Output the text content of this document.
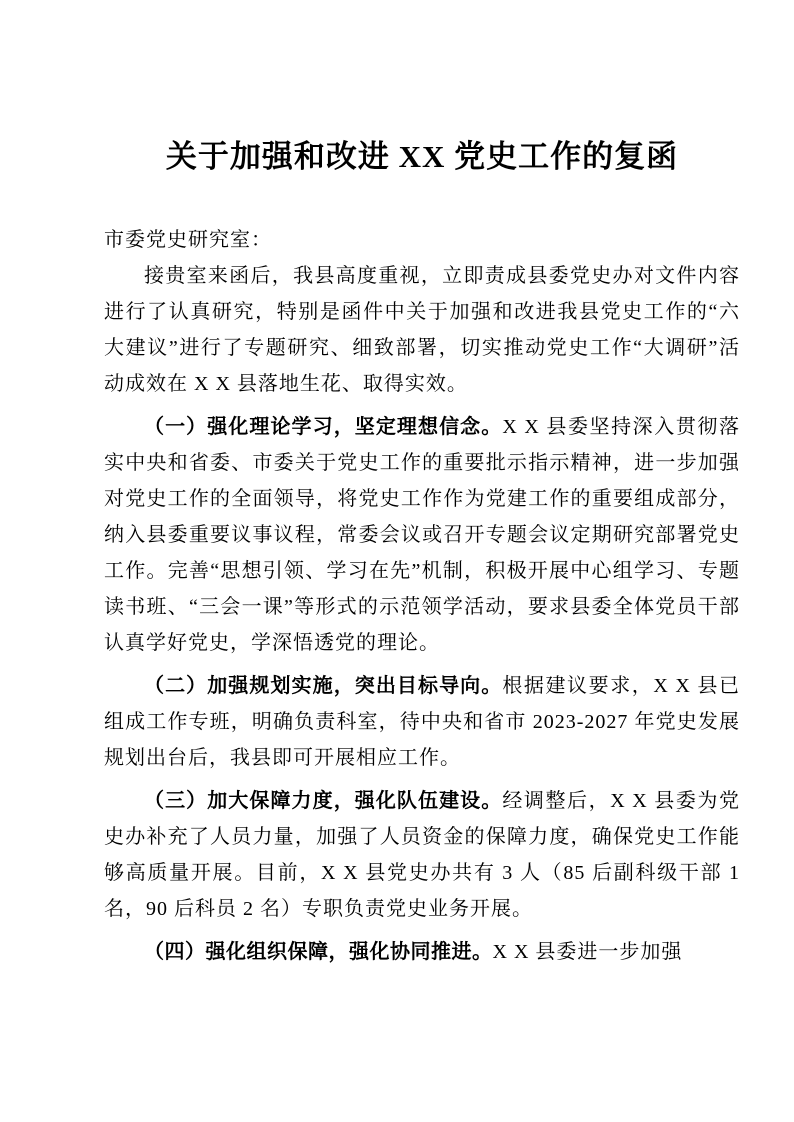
关于加强和改进 XX 党史工作的复函

市委党史研究室：

接贵室来函后，我县高度重视，立即责成县委党史办对文件内容进行了认真研究，特别是函件中关于加强和改进我县党史工作的“六大建议”进行了专题研究、细致部署，切实推动党史工作“大调研”活动成效在 X X 县落地生花、取得实效。

（一）强化理论学习，坚定理想信念。X X 县委坚持深入贯彻落实中央和省委、市委关于党史工作的重要批示指示精神，进一步加强对党史工作的全面领导，将党史工作作为党建工作的重要组成部分，纳入县委重要议事议程，常委会议或召开专题会议定期研究部署党史工作。完善“思想引领、学习在先”机制，积极开展中心组学习、专题读书班、“三会一课”等形式的示范领学活动，要求县委全体党员干部认真学好党史，学深悟透党的理论。

（二）加强规划实施，突出目标导向。根据建议要求，X X 县已组成工作专班，明确负责科室，待中央和省市 2023-2027 年党史发展规划出台后，我县即可开展相应工作。

（三）加大保障力度，强化队伍建设。经调整后，X X 县委为党史办补充了人员力量，加强了人员资金的保障力度，确保党史工作能够高质量开展。目前，X X 县党史办共有 3 人（85 后副科级干部 1 名，90 后科员 2 名）专职负责党史业务开展。

（四）强化组织保障，强化协同推进。X X 县委进一步加强
